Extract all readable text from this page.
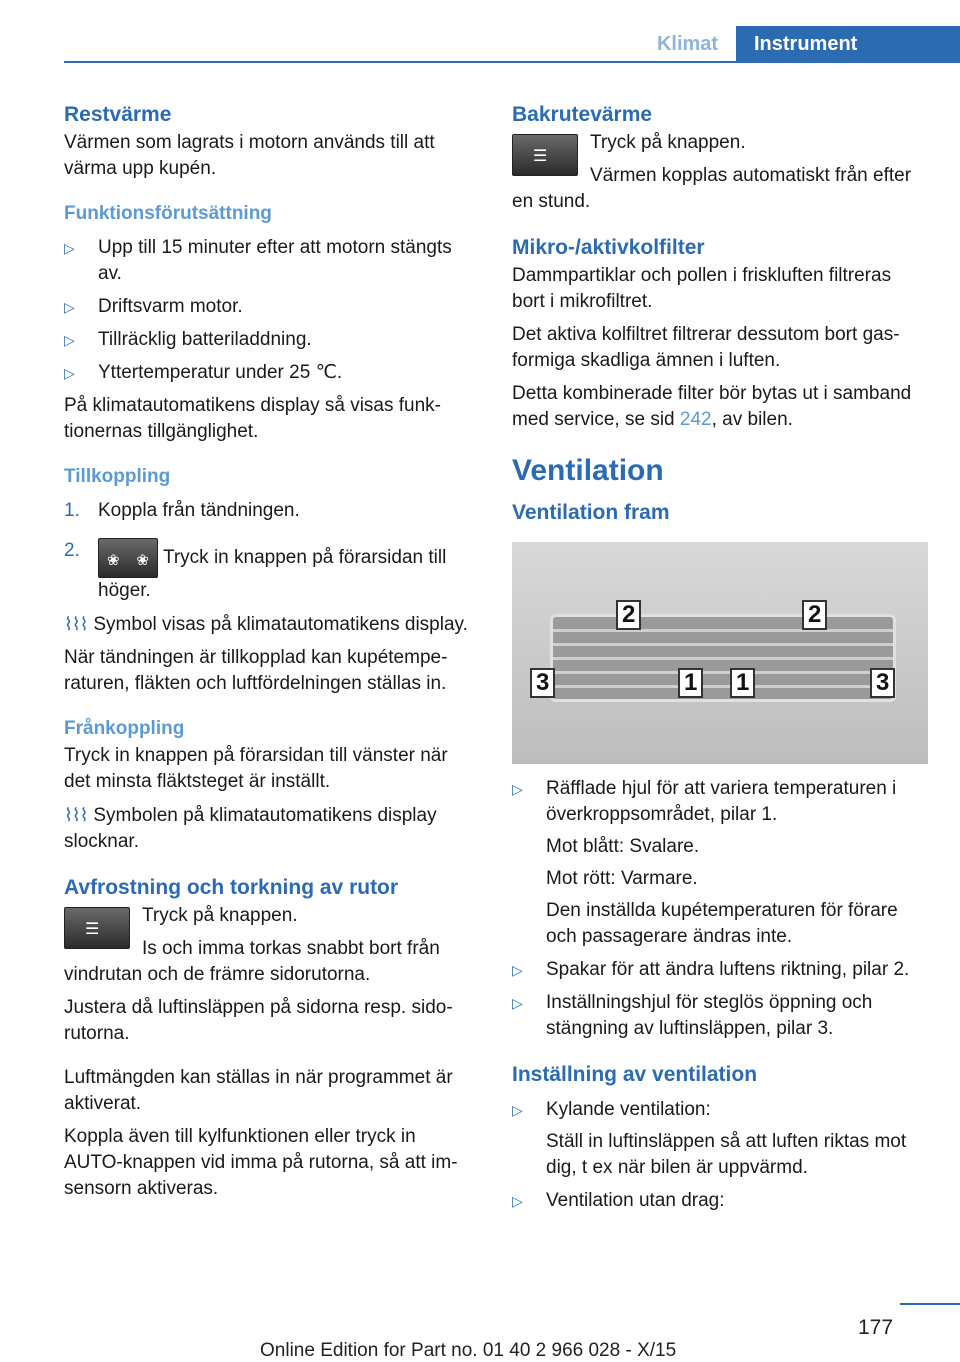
Klimat	Instrument
Restvärme

Värmen som lagrats i motorn används till att värma upp kupén.

Funktionsförutsättning
▷	Upp till 15 minuter efter att motorn stängts av.
▷	Driftsvarm motor.
▷	Tillräcklig batteriladdning.
▷	Yttertemperatur under 25 ℃.

På klimatautomatikens display så visas funktionernas tillgänglighet.

Tillkoppling
1. Koppla från tändningen.
2.	❀ ❀ Tryck in knappen på förarsidan till höger.

⌇⌇⌇ Symbol visas på klimatautomatikens display.

När tändningen är tillkopplad kan kupétemperaturen, fläkten och luftfördelningen ställas in.

Frånkoppling

Tryck in knappen på förarsidan till vänster när det minsta fläktsteget är inställt.

⌇⌇⌇ Symbolen på klimatautomatikens display slocknar.

Avfrostning och torkning av rutor
☰

Tryck på knappen.

Is och imma torkas snabbt bort från vindrutan och de främre sidorutorna.

Justera då luftinsläppen på sidorna resp. sidorutorna.

Luftmängden kan ställas in när programmet är aktiverat.

Koppla även till kylfunktionen eller tryck in AUTO-knappen vid imma på rutorna, så att imsensorn aktiveras.

Bakrutevärme
☰

Tryck på knappen.

Värmen kopplas automatiskt från efter en stund.

Mikro-/aktivkolfilter

Dammpartiklar och pollen i friskluften filtreras bort i mikrofiltret.

Det aktiva kolfiltret filtrerar dessutom bort gasformiga skadliga ämnen i luften.

Detta kombinerade filter bör bytas ut i samband med service, se sid 242, av bilen.

Ventilation
Ventilation fram
2	2
3	1 1	3
▷	Räfflade hjul för att variera temperaturen i överkroppsområdet, pilar 1.

Mot blått: Svalare.

Mot rött: Varmare.

Den inställda kupétemperaturen för förare och passagerare ändras inte.

▷	Spakar för att ändra luftens riktning, pilar 2.
▷	Inställningshjul för steglös öppning och stängning av luftinsläppen, pilar 3.
Inställning av ventilation
▷	Kylande ventilation:

Ställ in luftinsläppen så att luften riktas mot dig, t ex när bilen är uppvärmd.

▷	Ventilation utan drag:
177
Online Edition for Part no. 01 40 2 966 028 - X/15
